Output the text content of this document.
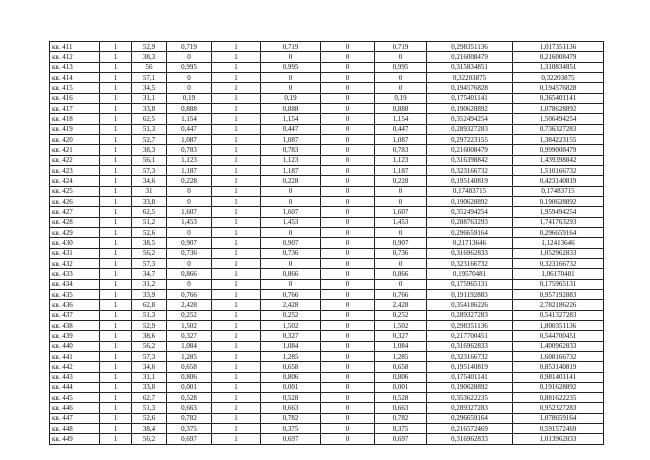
кв. 411	1	52,9	0,719	1	0,719	0	0,719	0,298351136	1,017351136
кв. 412	1	38,3	0	1	0	0	0	0,216008479	0,216008479
кв. 413	1	56	0,995	1	0,995	0	0,995	0,315834851	1,310834851
кв. 414	1	57,1	0	1	0	0	0	0,32203875	0,32203875
кв. 415	1	34,5	0	1	0	0	0	0,194576828	0,194576828
кв. 416	1	31,1	0,19	1	0,19	0	0,19	0,175401141	0,365401141
кв. 417	1	33,8	0,888	1	0,888	0	0,888	0,190628892	1,078628892
кв. 418	1	62,5	1,154	1	1,154	0	1,154	0,352494254	1,506494254
кв. 419	1	51,3	0,447	1	0,447	0	0,447	0,289327283	0,736327283
кв. 420	1	52,7	1,087	1	1,087	0	1,087	0,297223155	1,384223155
кв. 421	1	38,3	0,783	1	0,783	0	0,783	0,216008479	0,999008479
кв. 422	1	56,1	1,123	1	1,123	0	1,123	0,316398842	1,439398842
кв. 423	1	57,3	1,187	1	1,187	0	1,187	0,323166732	1,510166732
кв. 424	1	34,6	0,228	1	0,228	0	0,228	0,195140819	0,423140819
кв. 425	1	31	0	1	0	0	0	0,17483715	0,17483715
кв. 426	1	33,8	0	1	0	0	0	0,190628892	0,190628892
кв. 427	1	62,5	1,607	1	1,607	0	1,607	0,352494254	1,959494254
кв. 428	1	51,2	1,453	1	1,453	0	1,453	0,288763293	1,741763293
кв. 429	1	52,6	0	1	0	0	0	0,296659164	0,296659164
кв. 430	1	38,5	0,907	1	0,907	0	0,907	0,21713646	1,12413646
кв. 431	1	56,2	0,736	1	0,736	0	0,736	0,316962833	1,052962833
кв. 432	1	57,3	0	1	0	0	0	0,323166732	0,323166732
кв. 433	1	34,7	0,866	1	0,866	0	0,866	0,19570481	1,06170481
кв. 434	1	31,2	0	1	0	0	0	0,175965131	0,175965131
кв. 435	1	33,9	0,766	1	0,766	0	0,766	0,191192883	0,957192883
кв. 436	1	62,8	2,428	1	2,428	0	2,428	0,354186226	2,782186226
кв. 437	1	51,3	0,252	1	0,252	0	0,252	0,289327283	0,541327283
кв. 438	1	52,9	1,502	1	1,502	0	1,502	0,298351136	1,800351136
кв. 439	1	38,6	0,327	1	0,327	0	0,327	0,217700451	0,544700451
кв. 440	1	56,2	1,084	1	1,084	0	1,084	0,316962833	1,400962833
кв. 441	1	57,3	1,285	1	1,285	0	1,285	0,323166732	1,608166732
кв. 442	1	34,6	0,658	1	0,658	0	0,658	0,195140819	0,853140819
кв. 443	1	31,1	0,806	1	0,806	0	0,806	0,175401141	0,981401141
кв. 444	1	33,8	0,001	1	0,001	0	0,001	0,190628892	0,191628892
кв. 445	1	62,7	0,528	1	0,528	0	0,528	0,353622235	0,881622235
кв. 446	1	51,3	0,663	1	0,663	0	0,663	0,289327283	0,952327283
кв. 447	1	52,6	0,782	1	0,782	0	0,782	0,296659164	1,078659164
кв. 448	1	38,4	0,375	1	0,375	0	0,375	0,216572469	0,591572469
кв. 449	1	56,2	0,697	1	0,697	0	0,697	0,316962833	1,013962833
